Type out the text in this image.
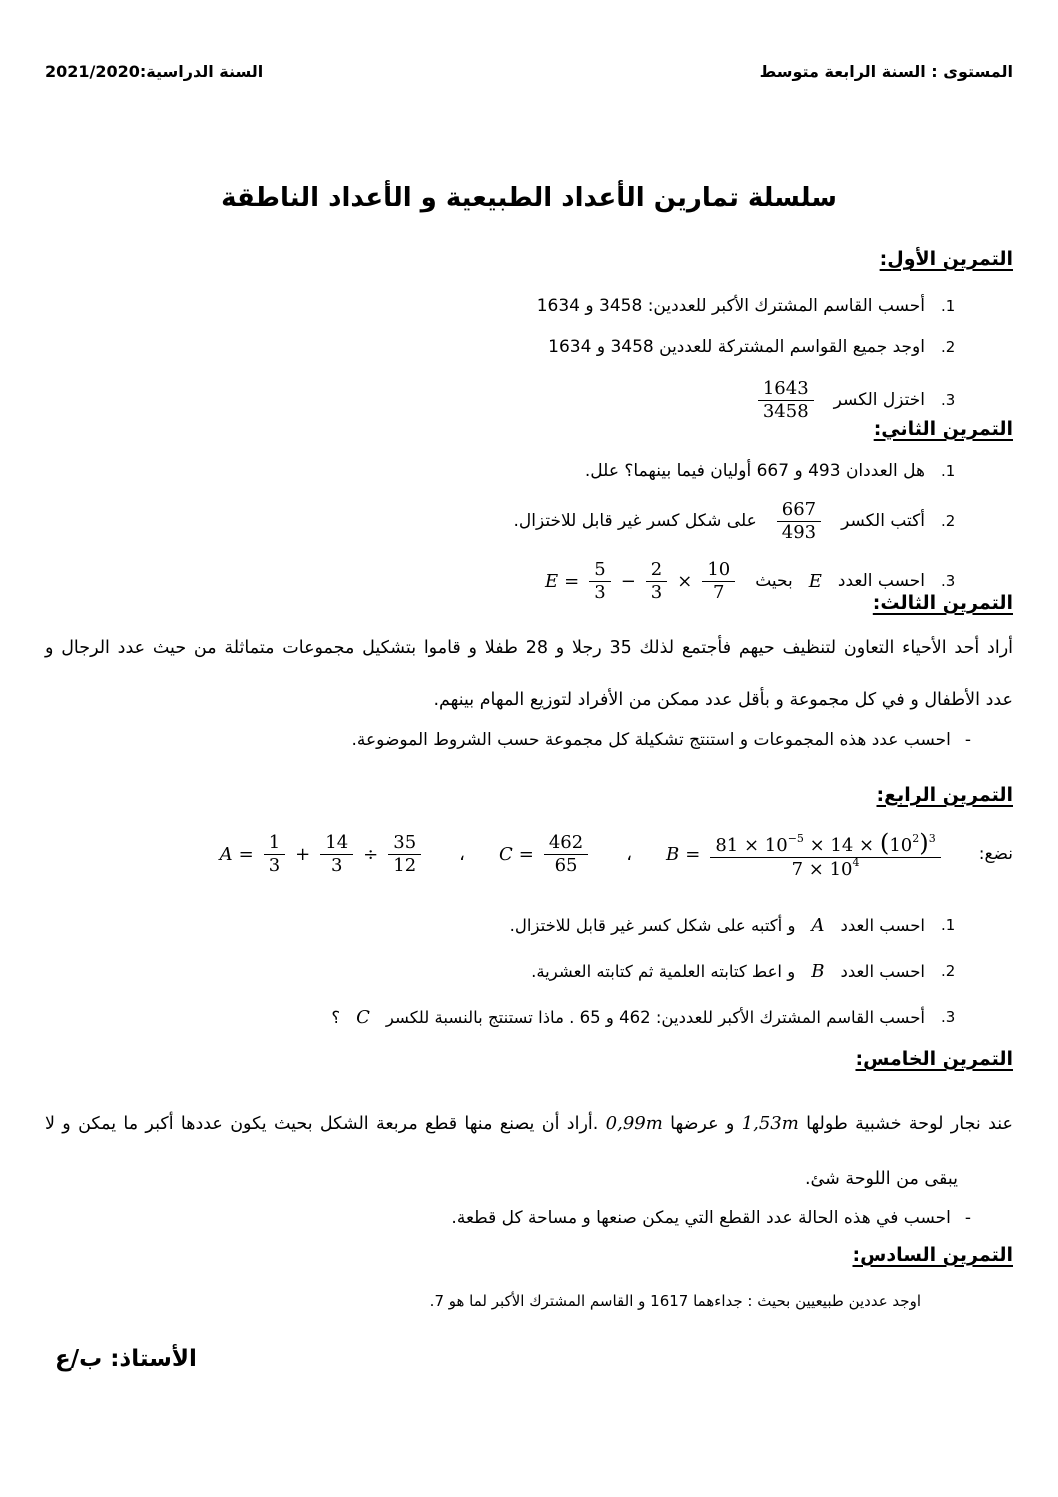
المستوى : السنة الرابعة متوسط
السنة الدراسية:2021/2020
سلسلة تمارين الأعداد الطبيعية و الأعداد الناطقة
التمرين الأول:
.1
أحسب القاسم المشترك الأكبر للعددين: 3458 و 1634
.2
اوجد جميع القواسم المشتركة للعددين 3458 و 1634
.3
اختزل الكسر
$\frac{1643}{3458}$
التمرين الثاني:
.1
هل العددان 493 و 667 أوليان فيما بينهما؟ علل.
.2
أكتب الكسر
$\frac{667}{493}$
على شكل كسر غير قابل للاختزال.
.3
احسب العدد
E
بحيث
$E = \frac{5}{3} - \frac{2}{3} \times \frac{10}{7}$	التمرين الثالث:
أراد أحد الأحياء التعاون لتنظيف حيهم فأجتمع لذلك 35 رجلا و 28 طفلا و قاموا بتشكيل مجموعات متماثلة من حيث عدد الرجال و
عدد الأطفال و في كل مجموعة و بأقل عدد ممكن من الأفراد لتوزيع المهام بينهم.
-
احسب عدد هذه المجموعات و استنتج تشكيلة كل مجموعة حسب الشروط الموضوعة.
التمرين الرابع:
نضع:
$B = \frac{81 \times 10^{-5} \times 14 \times (10^2)^3}{7 \times 10^4}$
،
$C = \frac{462}{65}$
،
$A = \frac{1}{3} + \frac{14}{3} \div \frac{35}{12}$
.1
احسب العدد
A
و أكتبه على شكل كسر غير قابل للاختزال.
.2
احسب العدد
B
و اعط كتابته العلمية ثم كتابته العشرية.
.3
أحسب القاسم المشترك الأكبر للعددين: 462 و 65 . ماذا تستنتج بالنسبة للكسر
C
؟
التمرين الخامس:
عند نجار لوحة خشبية طولها 1,53m و عرضها 0,99m .أراد أن يصنع منها قطع مربعة الشكل بحيث يكون عددها أكبر ما يمكن و لا
يبقى من اللوحة شئ.
-
احسب في هذه الحالة عدد القطع التي يمكن صنعها و مساحة كل قطعة.
التمرين السادس:
اوجد عددين طبيعيين بحيث : جداءهما 1617 و القاسم المشترك الأكبر لما هو 7.
الأستاذ: ب/ع
